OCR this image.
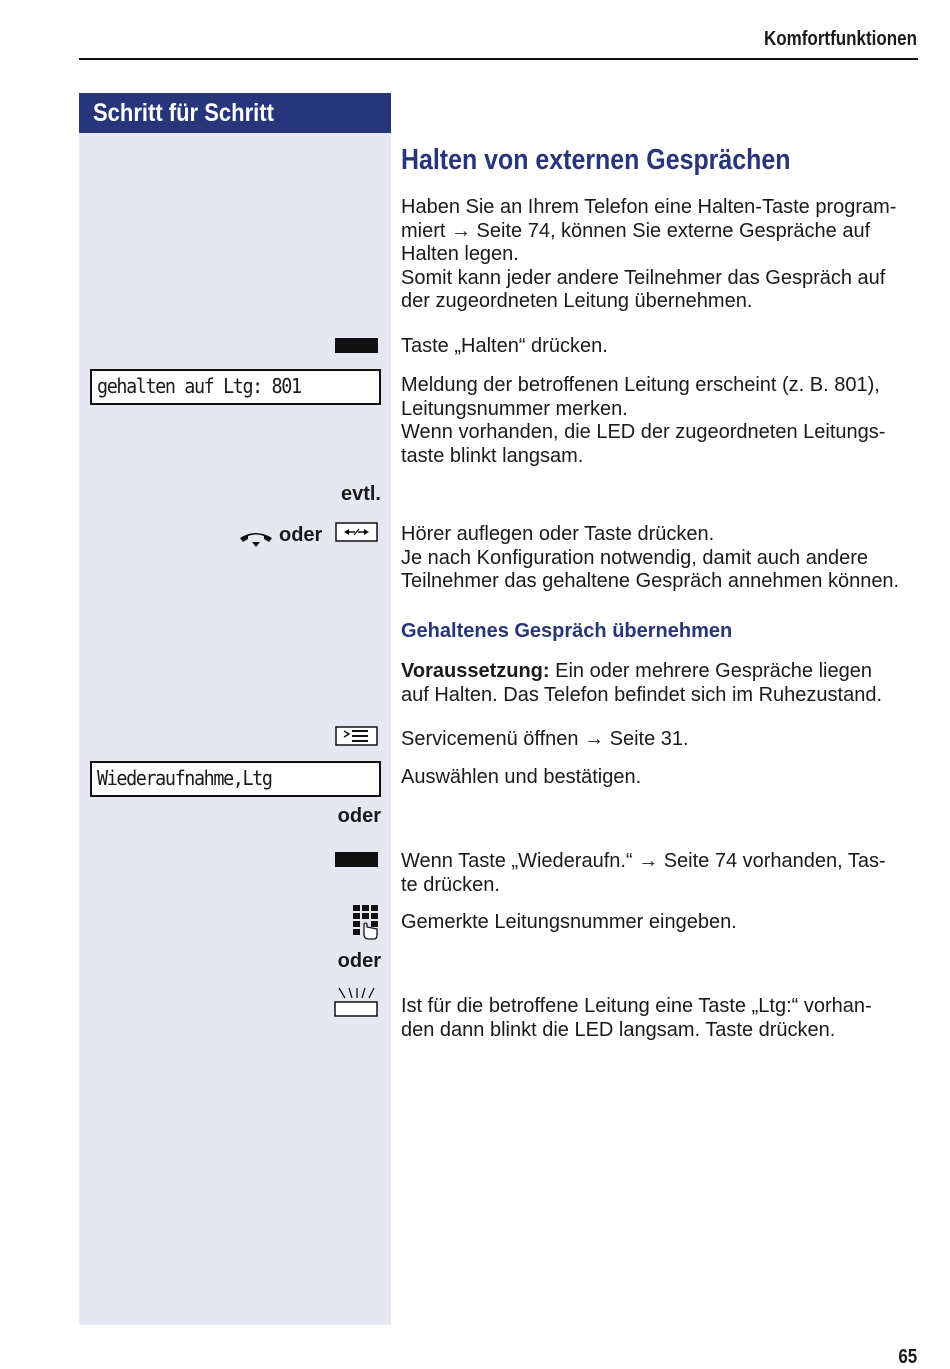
Komfortfunktionen
Schritt für Schritt
Halten von externen Gesprächen
Haben Sie an Ihrem Telefon eine Halten-Taste program-
miert → Seite 74, können Sie externe Gespräche auf
Halten legen.
Somit kann jeder andere Teilnehmer das Gespräch auf
der zugeordneten Leitung übernehmen.
Taste „Halten“ drücken.
gehalten auf Ltg: 801	Meldung der betroffenen Leitung erscheint (z. B. 801),
Leitungsnummer merken.
Wenn vorhanden, die LED der zugeordneten Leitungs-
taste blinkt langsam.
evtl.
oder	Hörer auflegen oder Taste drücken.
Je nach Konfiguration notwendig, damit auch andere
Teilnehmer das gehaltene Gespräch annehmen können.
Gehaltenes Gespräch übernehmen
Voraussetzung: Ein oder mehrere Gespräche liegen
auf Halten. Das Telefon befindet sich im Ruhezustand.
Servicemenü öffnen → Seite 31.
Wiederaufnahme,Ltg	Auswählen und bestätigen.
oder
Wenn Taste „Wiederaufn.“ → Seite 74 vorhanden, Tas-
te drücken.
Gemerkte Leitungsnummer eingeben.
oder
Ist für die betroffene Leitung eine Taste „Ltg:“ vorhan-
den dann blinkt die LED langsam. Taste drücken.
65
